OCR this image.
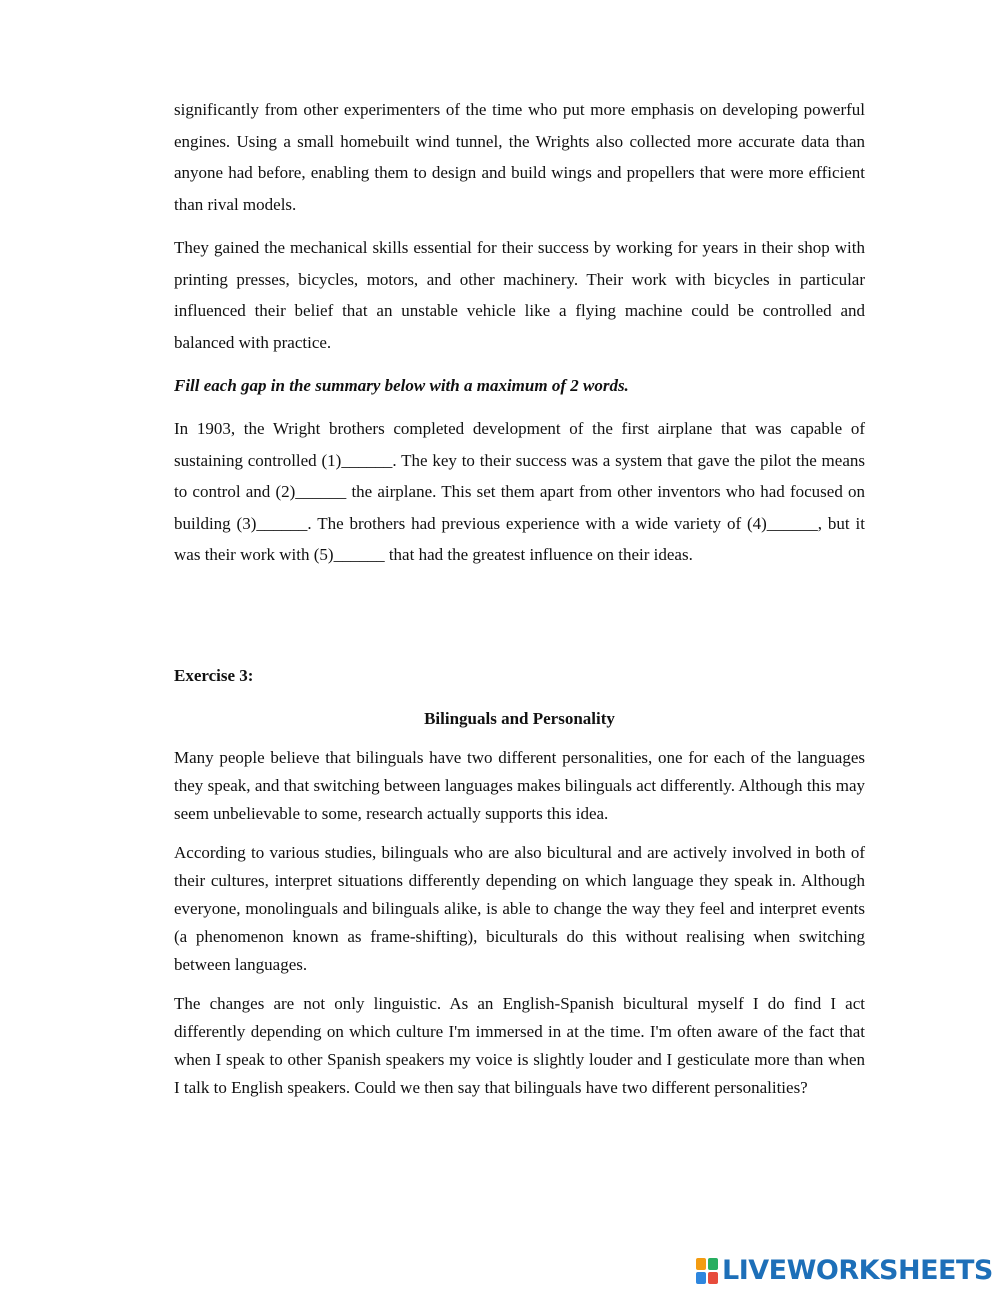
significantly from other experimenters of the time who put more emphasis on developing powerful engines. Using a small homebuilt wind tunnel, the Wrights also collected more accurate data than anyone had before, enabling them to design and build wings and propellers that were more efficient than rival models.

They gained the mechanical skills essential for their success by working for years in their shop with printing presses, bicycles, motors, and other machinery. Their work with bicycles in particular influenced their belief that an unstable vehicle like a flying machine could be controlled and balanced with practice.

Fill each gap in the summary below with a maximum of 2 words.

In 1903, the Wright brothers completed development of the first airplane that was capable of sustaining controlled (1)______. The key to their success was a system that gave the pilot the means to control and (2)______ the airplane. This set them apart from other inventors who had focused on building (3)______. The brothers had previous experience with a wide variety of (4)______, but it was their work with (5)______ that had the greatest influence on their ideas.

Exercise 3:

Bilinguals and Personality

Many people believe that bilinguals have two different personalities, one for each of the languages they speak, and that switching between languages makes bilinguals act differently. Although this may seem unbelievable to some, research actually supports this idea.

According to various studies, bilinguals who are also bicultural and are actively involved in both of their cultures, interpret situations differently depending on which language they speak in. Although everyone, monolinguals and bilinguals alike, is able to change the way they feel and interpret events (a phenomenon known as frame-shifting), biculturals do this without realising when switching between languages.

The changes are not only linguistic. As an English-Spanish bicultural myself I do find I act differently depending on which culture I'm immersed in at the time. I'm often aware of the fact that when I speak to other Spanish speakers my voice is slightly louder and I gesticulate more than when I talk to English speakers. Could we then say that bilinguals have two different personalities?

LIVEWORKSHEETS
